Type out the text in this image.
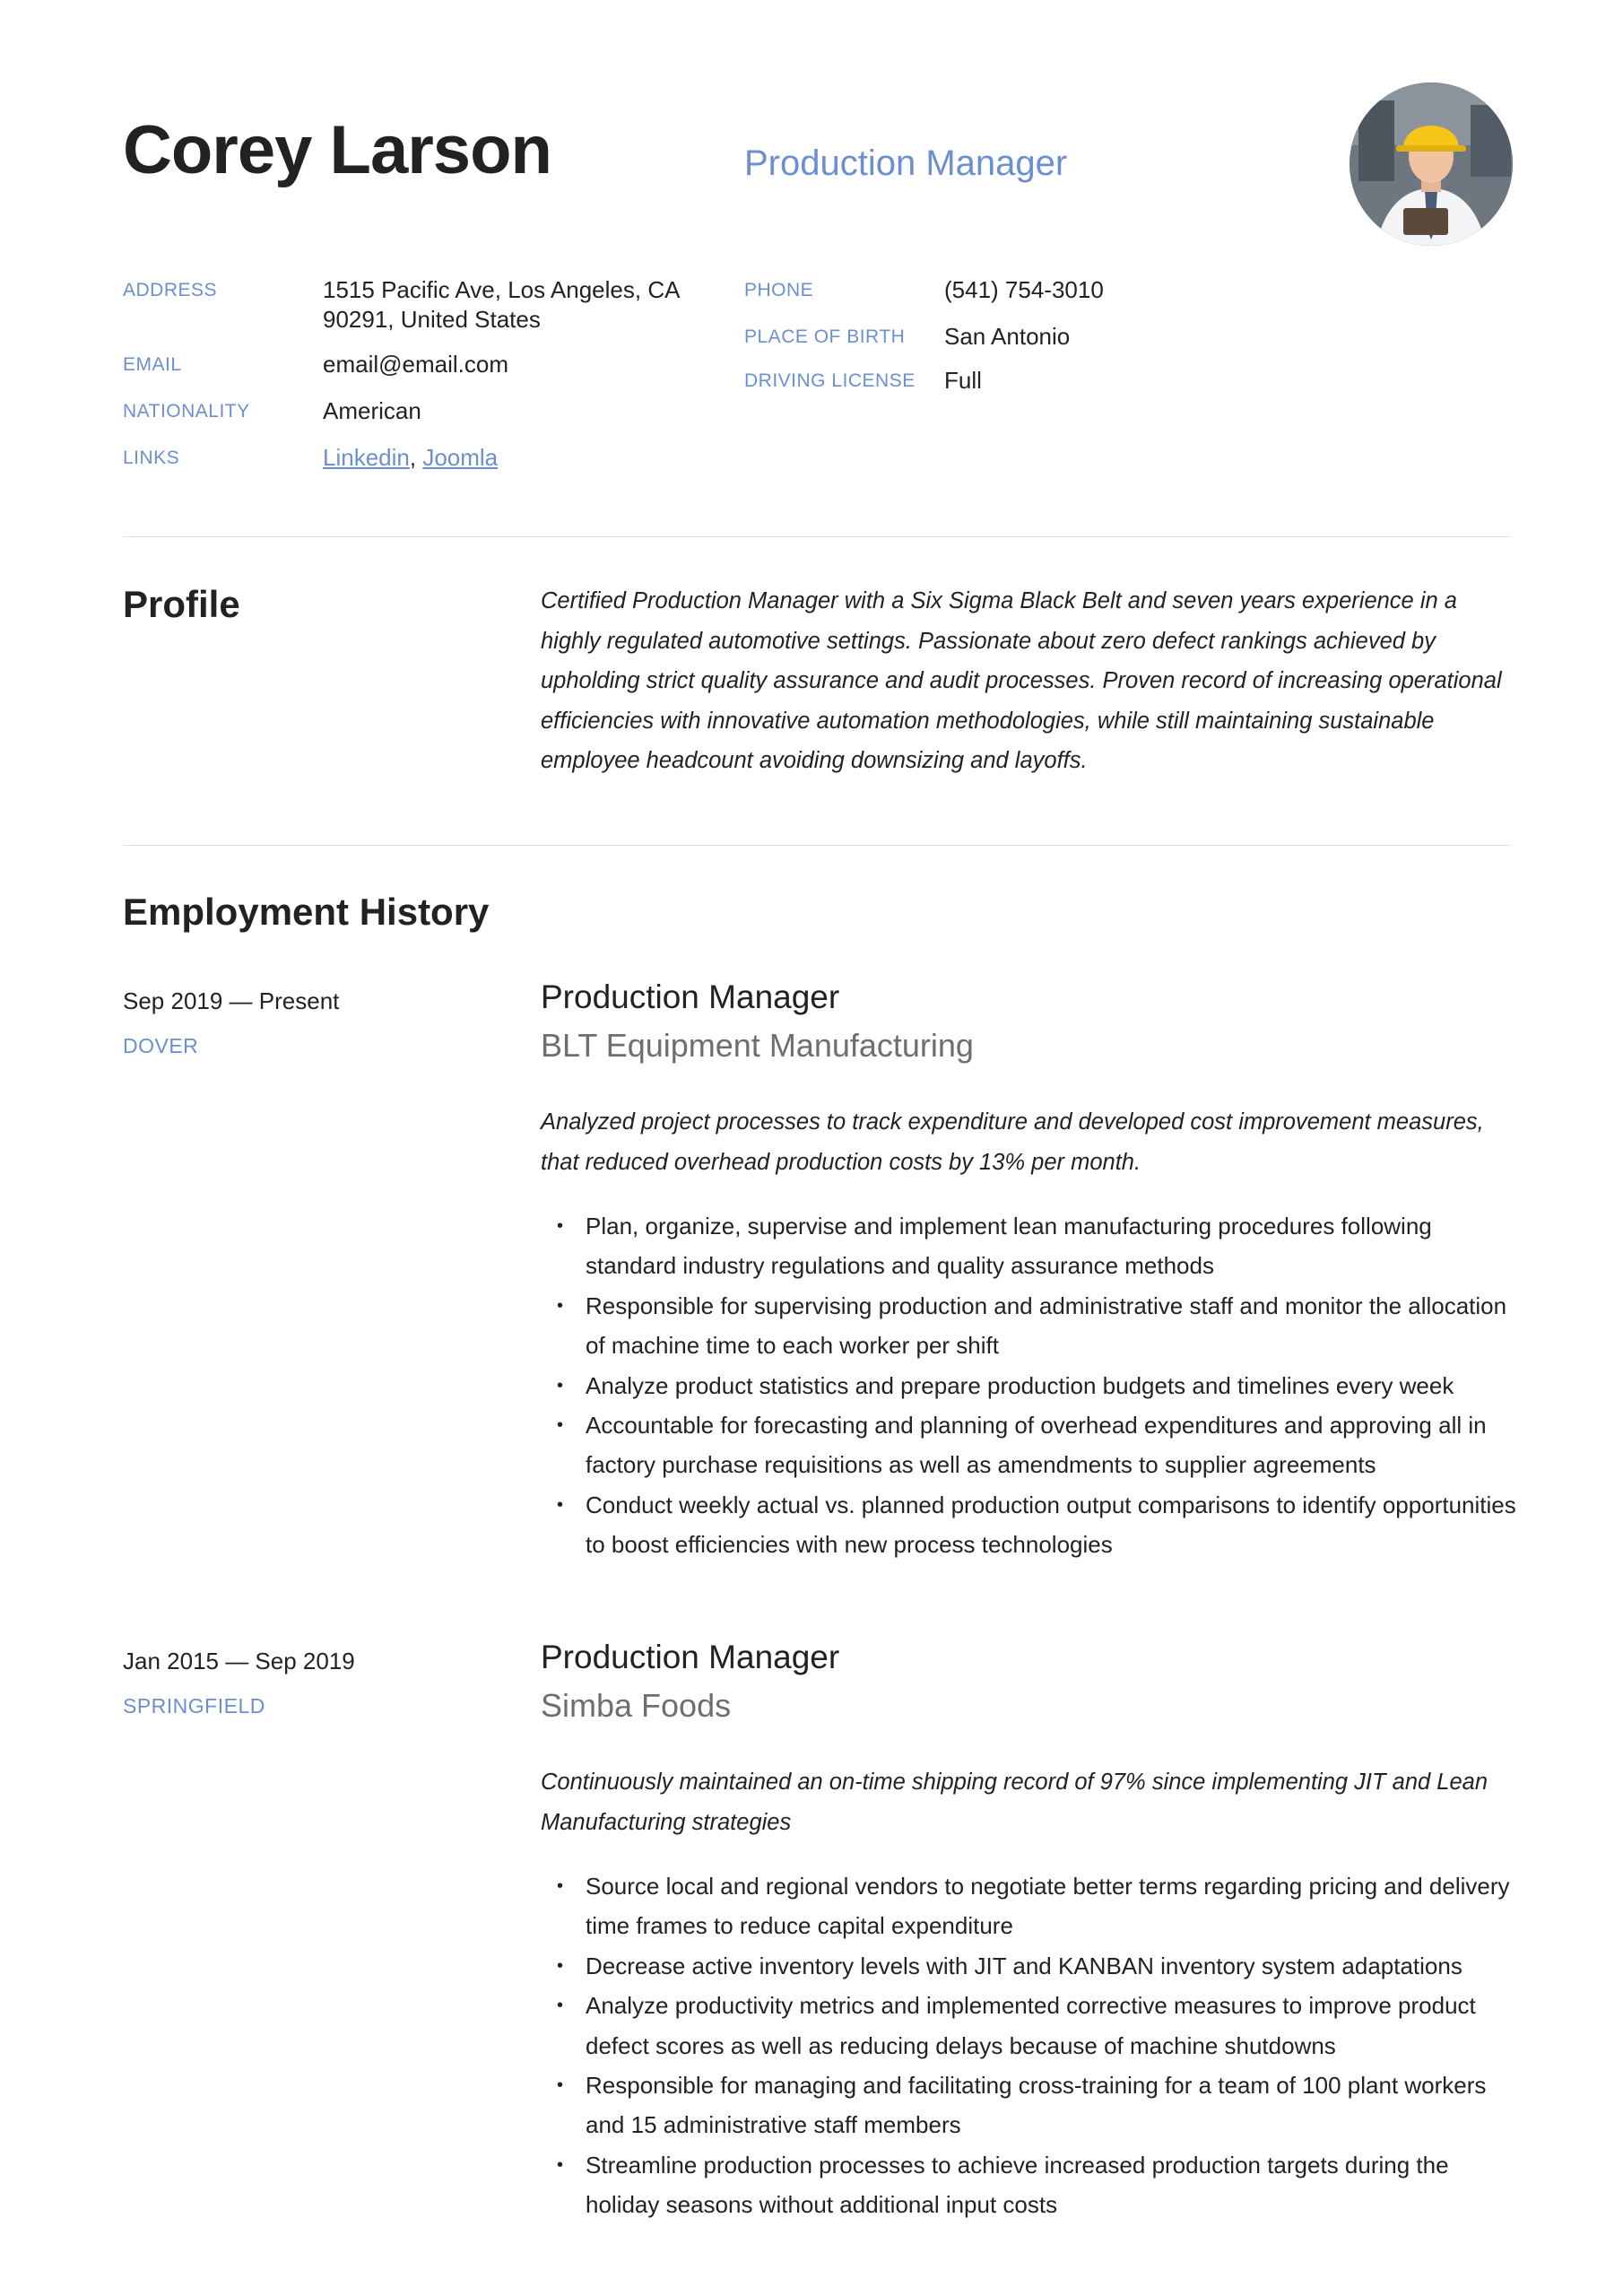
Corey Larson	Production Manager
ADDRESS	1515 Pacific Ave, Los Angeles, CA
90291, United States
EMAIL	email@email.com
NATIONALITY	American
LINKS	Linkedin, Joomla
PHONE	(541) 754-3010
PLACE OF BIRTH San Antonio
DRIVING LICENSE Full
Profile	Certified Production Manager with a Six Sigma Black Belt and seven years experience in a highly regulated automotive settings. Passionate about zero defect rankings achieved by upholding strict quality assurance and audit processes. Proven record of increasing operational efficiencies with innovative automation methodologies, while still maintaining sustainable employee headcount avoiding downsizing and layoffs.
Employment History
Sep 2019 — Present
DOVER
Production Manager
BLT Equipment Manufacturing
Analyzed project processes to track expenditure and developed cost improvement measures, that reduced overhead production costs by 13% per month.
• Plan, organize, supervise and implement lean manufacturing procedures following standard industry regulations and quality assurance methods
• Responsible for supervising production and administrative staff and monitor the allocation of machine time to each worker per shift
• Analyze product statistics and prepare production budgets and timelines every week
• Accountable for forecasting and planning of overhead expenditures and approving all in factory purchase requisitions as well as amendments to supplier agreements
• Conduct weekly actual vs. planned production output comparisons to identify opportunities to boost efficiencies with new process technologies
Jan 2015 — Sep 2019
SPRINGFIELD
Production Manager
Simba Foods
Continuously maintained an on-time shipping record of 97% since implementing JIT and Lean Manufacturing strategies
• Source local and regional vendors to negotiate better terms regarding pricing and delivery time frames to reduce capital expenditure
• Decrease active inventory levels with JIT and KANBAN inventory system adaptations
• Analyze productivity metrics and implemented corrective measures to improve product defect scores as well as reducing delays because of machine shutdowns
• Responsible for managing and facilitating cross-training for a team of 100 plant workers and 15 administrative staff members
• Streamline production processes to achieve increased production targets during the holiday seasons without additional input costs
